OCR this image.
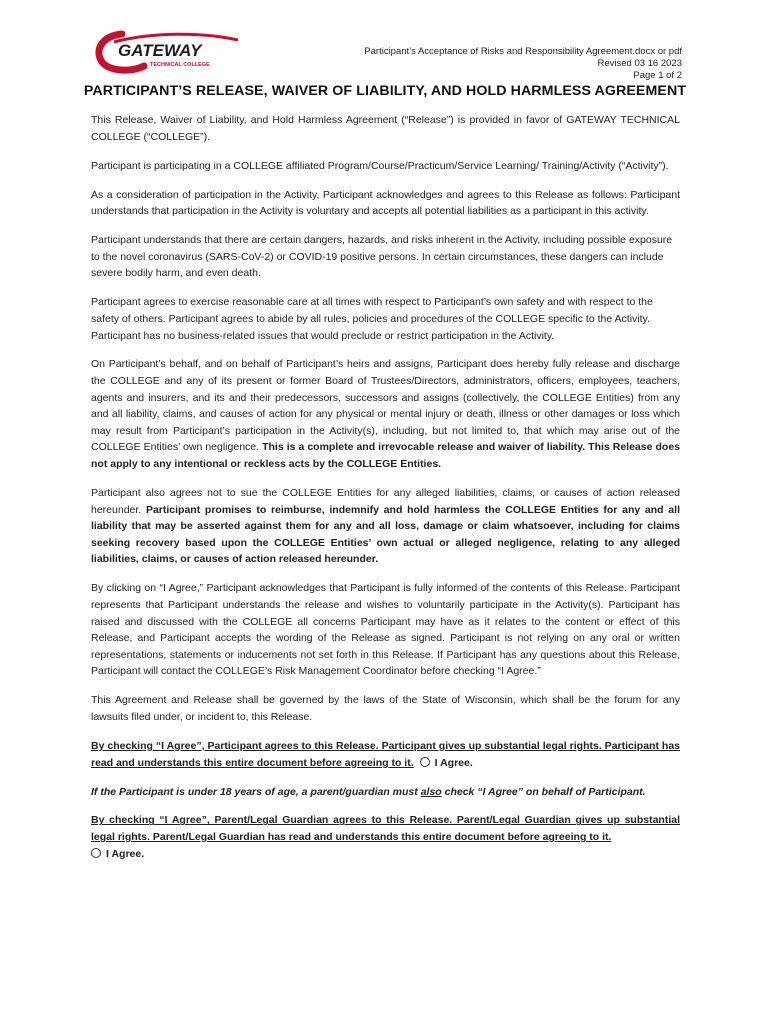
GATEWAY
TECHNICAL COLLEGE
Participant’s Acceptance of Risks and Responsibility Agreement.docx or pdf
Revised 03 16 2023
Page 1 of 2
PARTICIPANT’S RELEASE, WAIVER OF LIABILITY, AND HOLD HARMLESS AGREEMENT

This Release, Waiver of Liability, and Hold Harmless Agreement (“Release”) is provided in favor of GATEWAY TECHNICAL COLLEGE (“COLLEGE”).

Participant is participating in a COLLEGE affiliated Program/Course/Practicum/Service Learning/ Training/Activity (“Activity”).

As a consideration of participation in the Activity, Participant acknowledges and agrees to this Release as follows: Participant understands that participation in the Activity is voluntary and accepts all potential liabilities as a participant in this activity.

Participant understands that there are certain dangers, hazards, and risks inherent in the Activity, including possible exposure to the novel coronavirus (SARS-CoV-2) or COVID-19 positive persons. In certain circumstances, these dangers can include severe bodily harm, and even death.

Participant agrees to exercise reasonable care at all times with respect to Participant’s own safety and with respect to the safety of others. Participant agrees to abide by all rules, policies and procedures of the COLLEGE specific to the Activity. Participant has no business-related issues that would preclude or restrict participation in the Activity.

On Participant’s behalf, and on behalf of Participant’s heirs and assigns, Participant does hereby fully release and discharge the COLLEGE and any of its present or former Board of Trustees/Directors, administrators, officers, employees, teachers, agents and insurers, and its and their predecessors, successors and assigns (collectively, the COLLEGE Entities) from any and all liability, claims, and causes of action for any physical or mental injury or death, illness or other damages or loss which may result from Participant’s participation in the Activity(s), including, but not limited to, that which may arise out of the COLLEGE Entities’ own negligence. This is a complete and irrevocable release and waiver of liability. This Release does not apply to any intentional or reckless acts by the COLLEGE Entities.

Participant also agrees not to sue the COLLEGE Entities for any alleged liabilities, claims, or causes of action released hereunder. Participant promises to reimburse, indemnify and hold harmless the COLLEGE Entities for any and all liability that may be asserted against them for any and all loss, damage or claim whatsoever, including for claims seeking recovery based upon the COLLEGE Entities’ own actual or alleged negligence, relating to any alleged liabilities, claims, or causes of action released hereunder.

By clicking on “I Agree,” Participant acknowledges that Participant is fully informed of the contents of this Release. Participant represents that Participant understands the release and wishes to voluntarily participate in the Activity(s). Participant has raised and discussed with the COLLEGE all concerns Participant may have as it relates to the content or effect of this Release, and Participant accepts the wording of the Release as signed. Participant is not relying on any oral or written representations, statements or inducements not set forth in this Release. If Participant has any questions about this Release, Participant will contact the COLLEGE’s Risk Management Coordinator before checking “I Agree.”

This Agreement and Release shall be governed by the laws of the State of Wisconsin, which shall be the forum for any lawsuits filed under, or incident to, this Release.

By checking “I Agree”, Participant agrees to this Release. Participant gives up substantial legal rights. Participant has read and understands this entire document before agreeing to it. I Agree.

If the Participant is under 18 years of age, a parent/guardian must also check “I Agree” on behalf of Participant.

By checking “I Agree”, Parent/Legal Guardian agrees to this Release. Parent/Legal Guardian gives up substantial legal rights. Parent/Legal Guardian has read and understands this entire document before agreeing to it.
I Agree.
